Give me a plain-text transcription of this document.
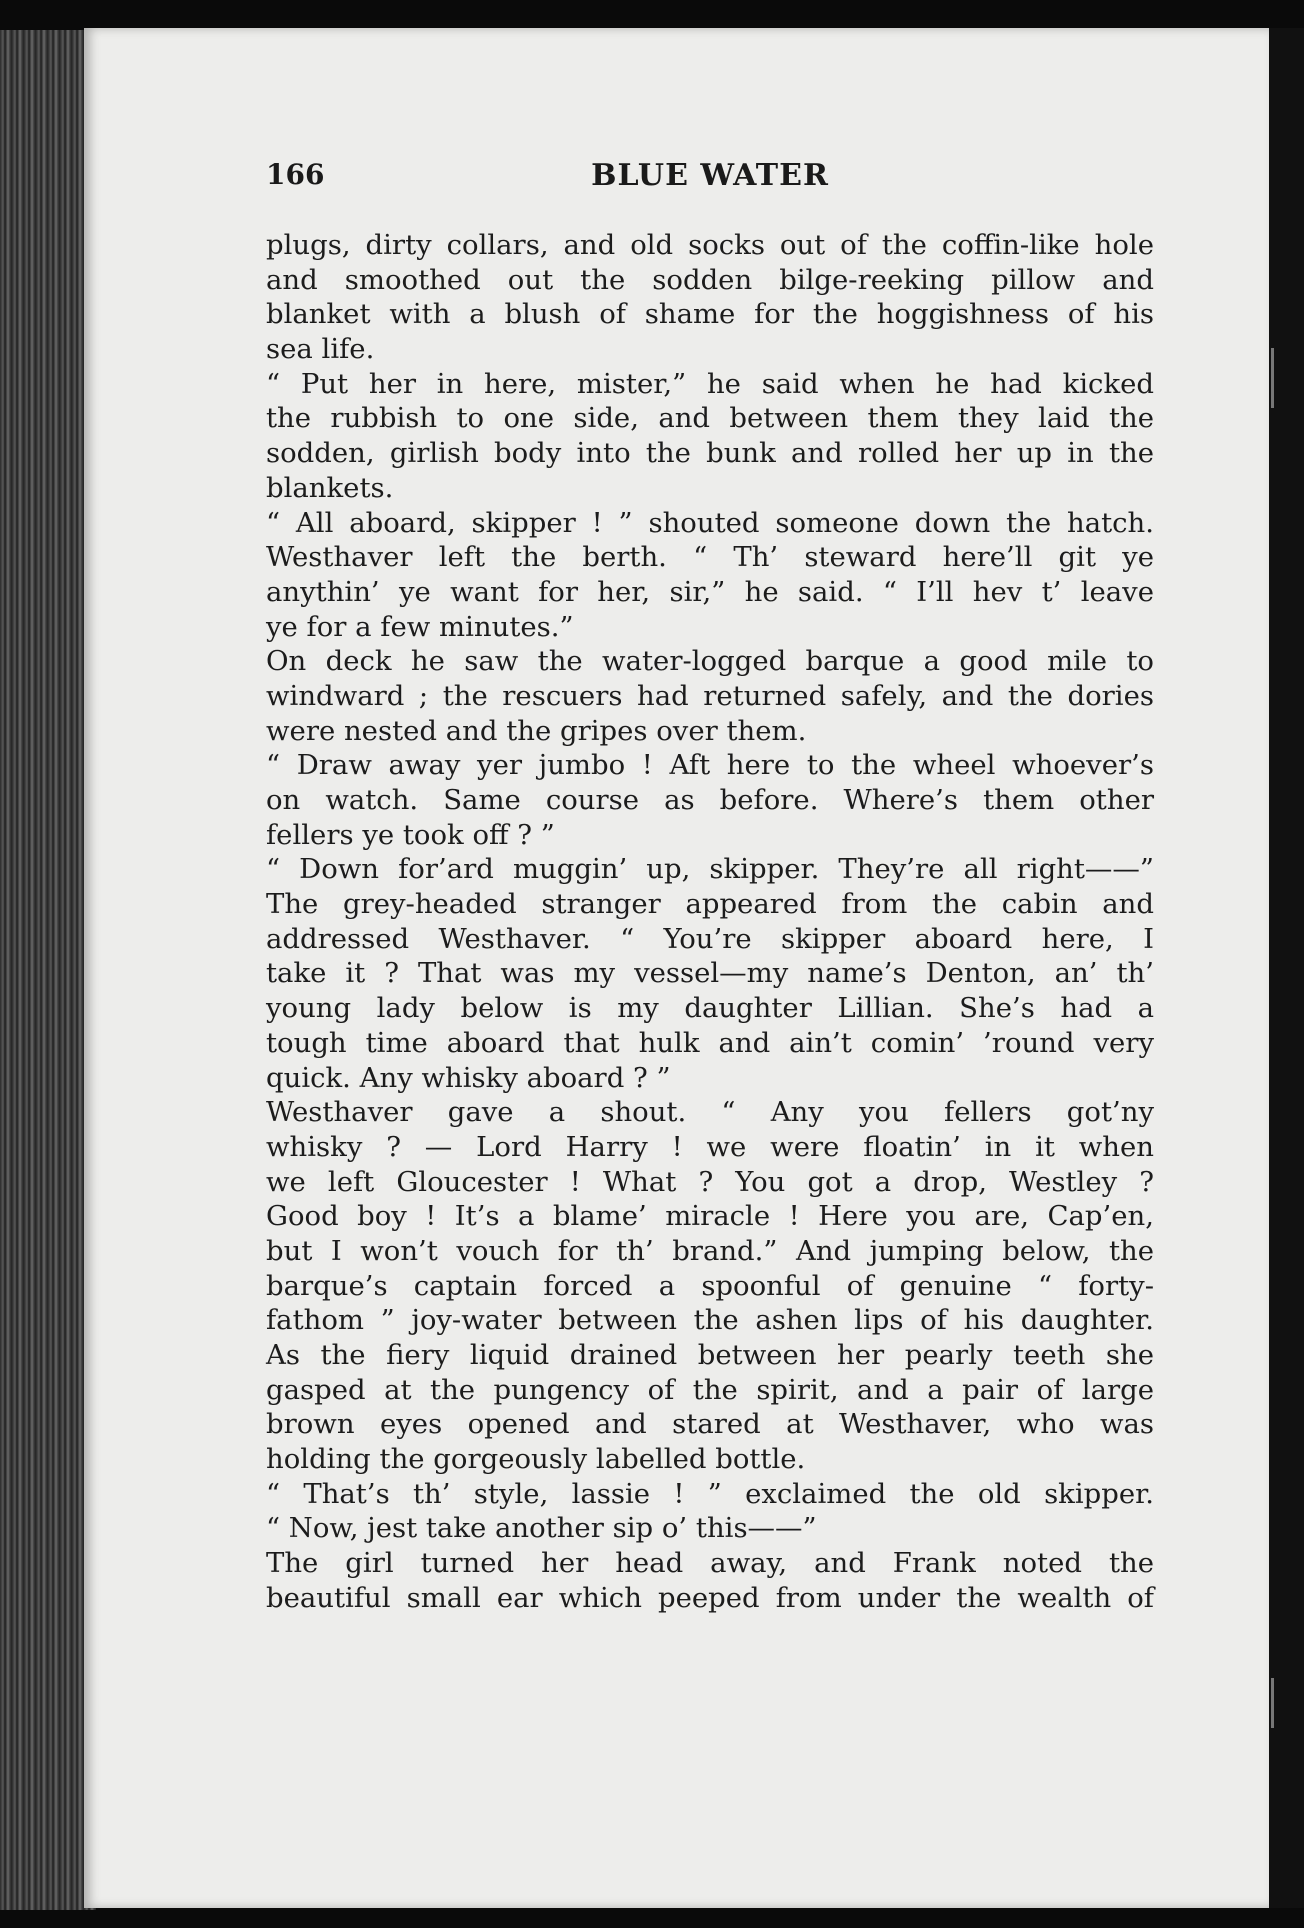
166	BLUE WATER
plugs, dirty collars, and old socks out of the coffin-like hole
and smoothed out the sodden bilge-reeking pillow and
blanket with a blush of shame for the hoggishness of his
sea life.
“ Put her in here, mister,” he said when he had kicked
the rubbish to one side, and between them they laid the
sodden, girlish body into the bunk and rolled her up in the
blankets.
“ All aboard, skipper ! ” shouted someone down the hatch.
Westhaver left the berth. “ Th’ steward here’ll git ye
anythin’ ye want for her, sir,” he said. “ I’ll hev t’ leave
ye for a few minutes.”
On deck he saw the water-logged barque a good mile to
windward ; the rescuers had returned safely, and the dories
were nested and the gripes over them.
“ Draw away yer jumbo ! Aft here to the wheel whoever’s
on watch. Same course as before. Where’s them other
fellers ye took off ? ”
“ Down for’ard muggin’ up, skipper. They’re all right——”
The grey-headed stranger appeared from the cabin and
addressed Westhaver. “ You’re skipper aboard here, I
take it ? That was my vessel—my name’s Denton, an’ th’
young lady below is my daughter Lillian. She’s had a
tough time aboard that hulk and ain’t comin’ ’round very
quick. Any whisky aboard ? ”
Westhaver gave a shout. “ Any you fellers got’ny
whisky ? — Lord Harry ! we were floatin’ in it when
we left Gloucester ! What ? You got a drop, Westley ?
Good boy ! It’s a blame’ miracle ! Here you are, Cap’en,
but I won’t vouch for th’ brand.” And jumping below, the
barque’s captain forced a spoonful of genuine “ forty-
fathom ” joy-water between the ashen lips of his daughter.
As the fiery liquid drained between her pearly teeth she
gasped at the pungency of the spirit, and a pair of large
brown eyes opened and stared at Westhaver, who was
holding the gorgeously labelled bottle.
“ That’s th’ style, lassie ! ” exclaimed the old skipper.
“ Now, jest take another sip o’ this——”
The girl turned her head away, and Frank noted the
beautiful small ear which peeped from under the wealth of
